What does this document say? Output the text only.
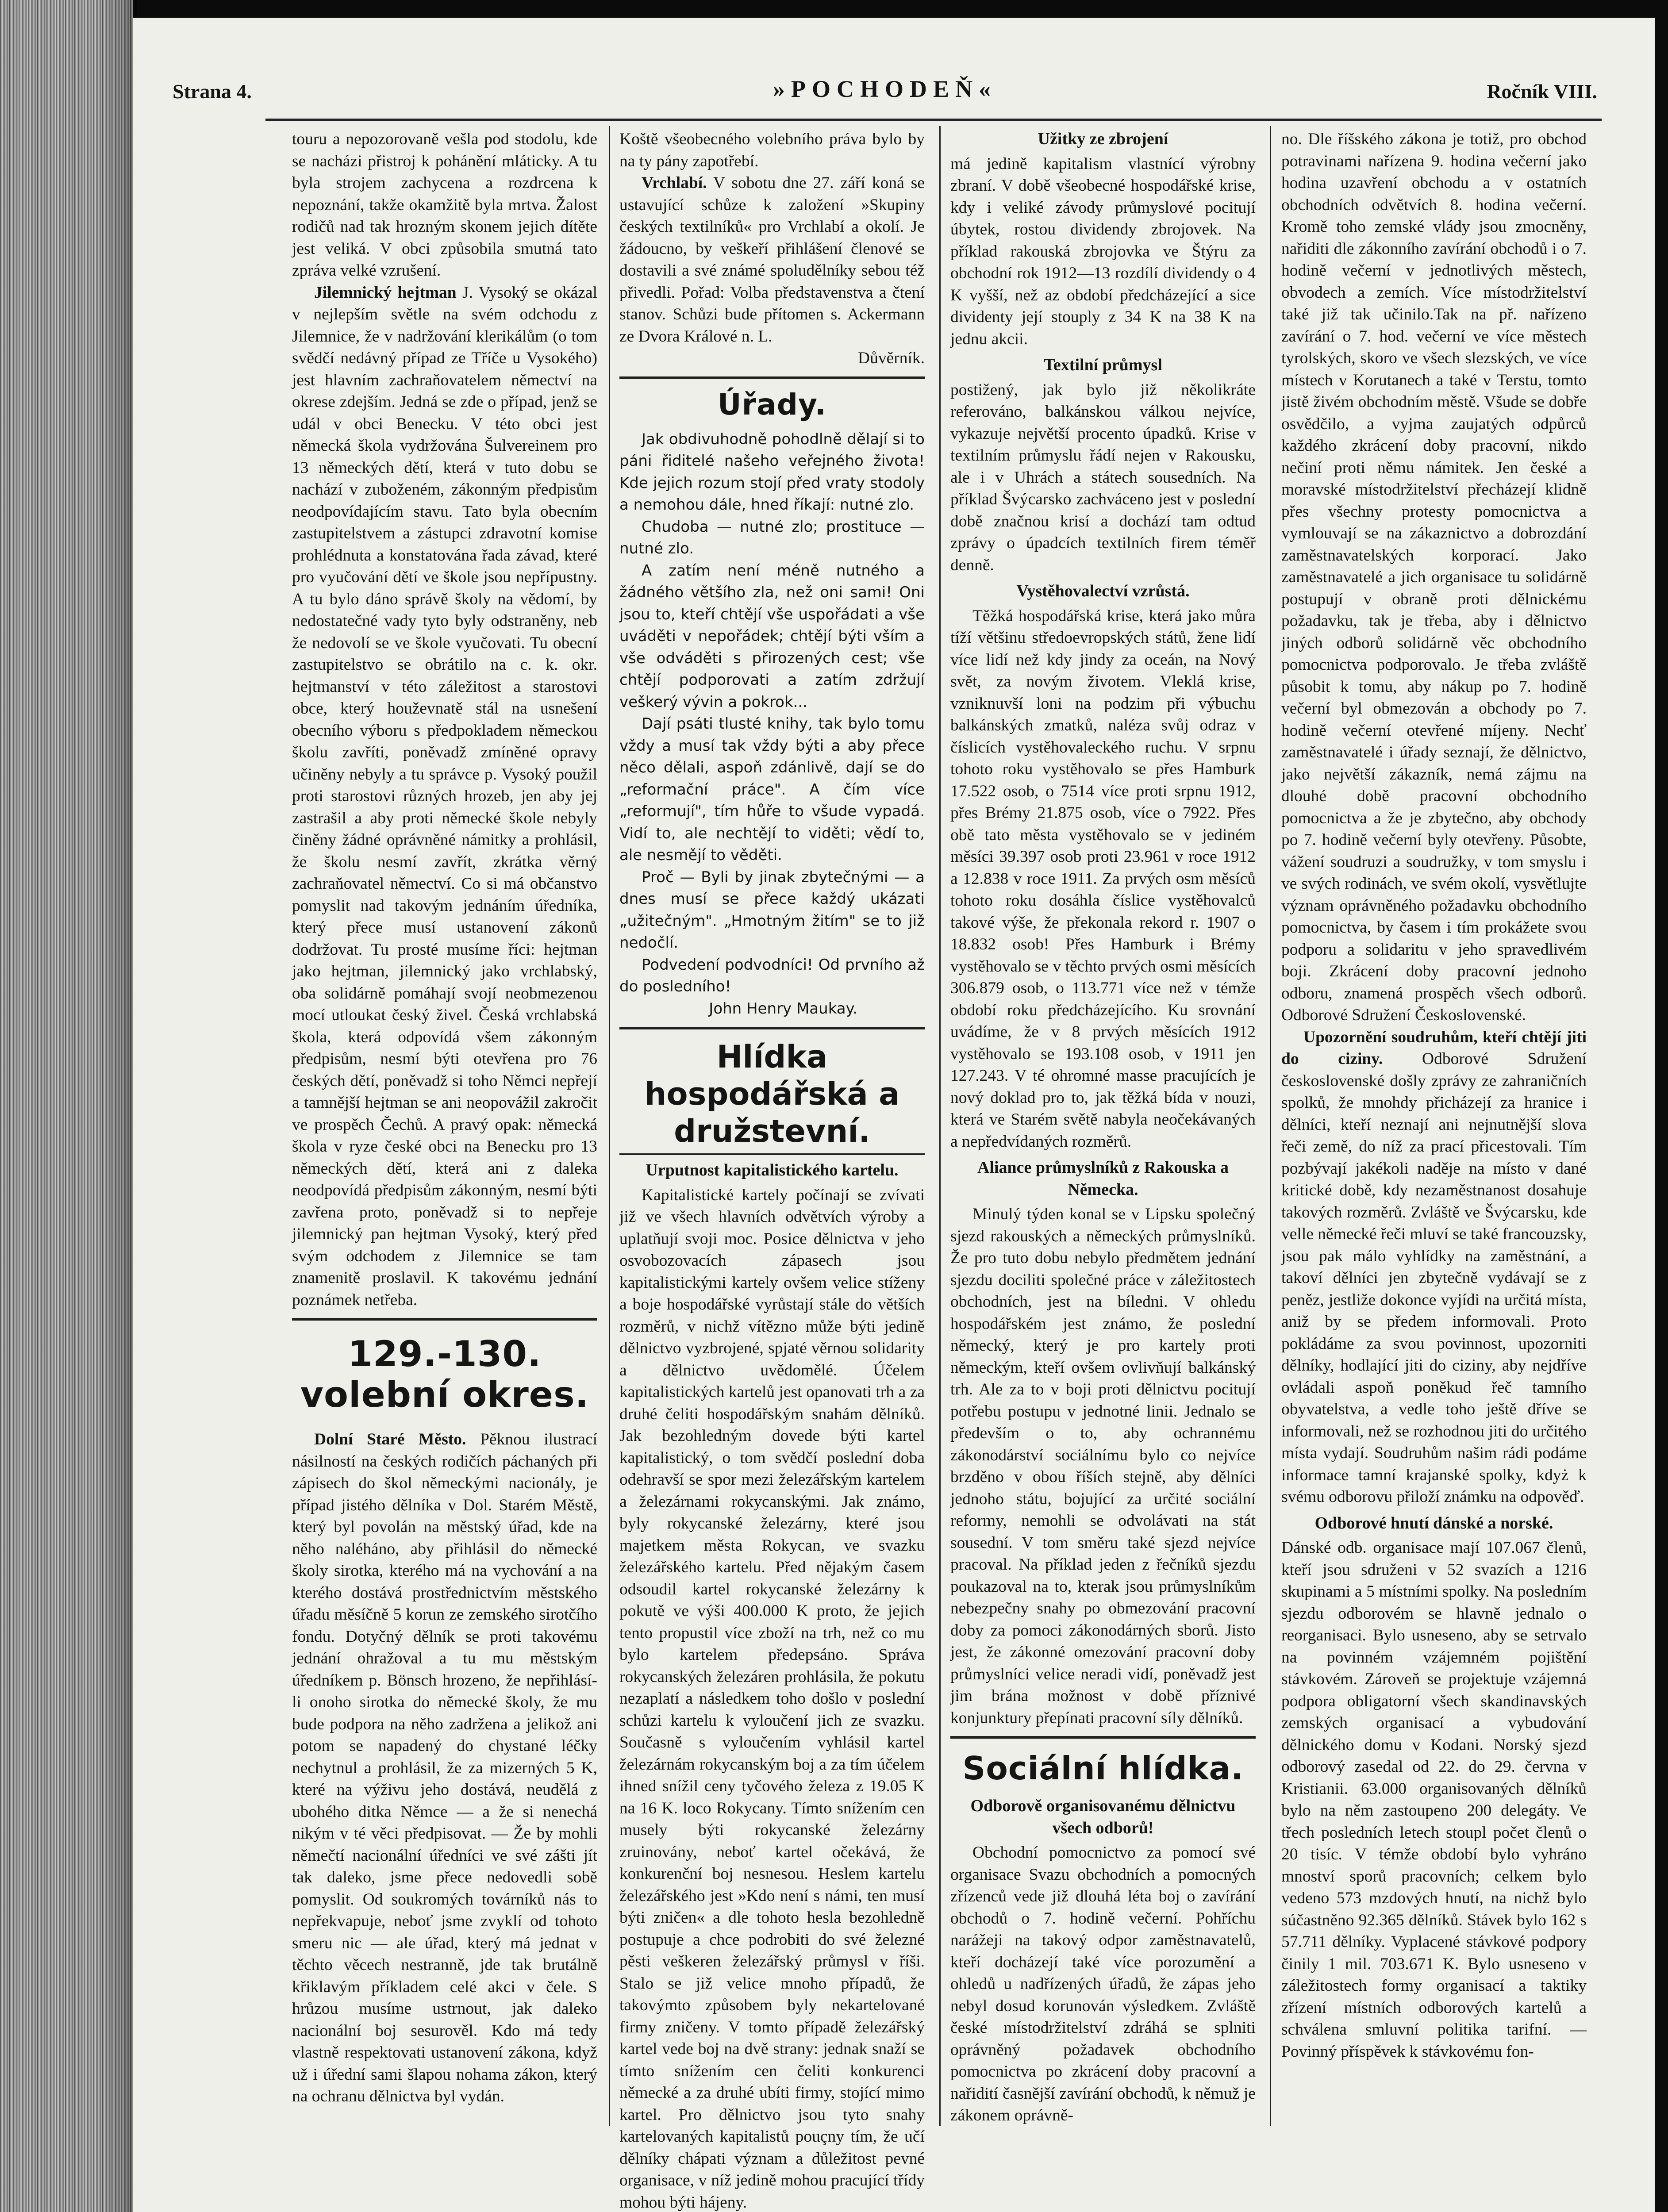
Strana 4.	»POCHODEŇ«	Ročník VIII.

touru a nepozorovaně vešla pod stodolu, kde se nacházi přistroj k pohánění mláticky. A tu byla strojem zachycena a rozdrcena k nepoznání, takže okamžitě byla mrtva. Žalost rodičů nad tak hrozným skonem jejich dítěte jest veliká. V obci způsobila smutná tato zpráva velké vzrušení.

Jilemnický hejtman J. Vysoký se okázal v nejlepším světle na svém odchodu z Jilemnice, že v nadržování klerikálům (o tom svědčí nedávný případ ze Tříče u Vysokého) jest hlavním zachraňovatelem němectví na okrese zdejším. Jedná se zde o případ, jenž se udál v obci Benecku. V této obci jest německá škola vydržována Šulvereinem pro 13 německých dětí, která v tuto dobu se nachází v zuboženém, zákonným předpisům neodpovídajícím stavu. Tato byla obecním zastupitelstvem a zástupci zdravotní komise prohlédnuta a konstatována řada závad, které pro vyučování dětí ve škole jsou nepřípustny. A tu bylo dáno správě školy na vědomí, by nedostatečné vady tyto byly odstraněny, neb že nedovolí se ve škole vyučovati. Tu obecní zastupitelstvo se obrátilo na c. k. okr. hejtmanství v této záležitost a starostovi obce, který houževnatě stál na usnešení obecního výboru s předpokladem německou školu zavříti, poněvadž zmíněné opravy učiněny nebyly a tu správce p. Vysoký použil proti starostovi různých hrozeb, jen aby jej zastrašil a aby proti německé škole nebyly činěny žádné oprávněné námitky a prohlásil, že školu nesmí zavřít, zkrátka věrný zachraňovatel němectví. Co si má občanstvo pomyslit nad takovým jednáním úředníka, který přece musí ustanovení zákonů dodržovat. Tu prosté musíme říci: hejtman jako hejtman, jilemnický jako vrchlabský, oba solidárně pomáhají svojí neobmezenou mocí utloukat český živel. Česká vrchlabská škola, která odpovídá všem zákonným předpisům, nesmí býti otevřena pro 76 českých dětí, poněvadž si toho Němci nepřejí a tamnější hejtman se ani neopovážil zakročit ve prospěch Čechů. A pravý opak: německá škola v ryze české obci na Benecku pro 13 německých dětí, která ani z daleka neodpovídá předpisům zákonným, nesmí býti zavřena proto, poněvadž si to nepřeje jilemnický pan hejtman Vysoký, který před svým odchodem z Jilemnice se tam znamenitě proslavil. K takovému jednání poznámek netřeba.

129.-130. volební okres.

Dolní Staré Město. Pěknou ilustrací násilností na českých rodičích páchaných při zápisech do škol německými nacionály, je případ jistého dělníka v Dol. Starém Městě, který byl povolán na městský úřad, kde na něho naléháno, aby přihlásil do německé školy sirotka, kterého má na vychování a na kterého dostává prostřednictvím městského úřadu měsíčně 5 korun ze zemského sirotčího fondu. Dotyčný dělník se proti takovému jednání ohražoval a tu mu městským úředníkem p. Bönsch hrozeno, že nepřihlásí-li onoho sirotka do německé školy, že mu bude podpora na něho zadržena a jelikož ani potom se napadený do chystané léčky nechytnul a prohlásil, že za mizerných 5 K, které na výživu jeho dostává, neudělá z ubohého ditka Němce — a že si nenechá nikým v té věci předpisovat. — Že by mohli němečtí nacionální úředníci ve své zášti jít tak daleko, jsme přece nedovedli sobě pomyslit. Od soukromých továrníků nás to nepřekvapuje, neboť jsme zvyklí od tohoto smeru nic — ale úřad, který má jednat v těchto věcech nestranně, jde tak brutálně křiklavým příkladem celé akci v čele. S hrůzou musíme ustrnout, jak daleko nacionální boj sesurověl. Kdo má tedy vlastně respektovati ustanovení zákona, když už i úřední sami šlapou nohama zákon, který na ochranu dělnictva byl vydán.

Koště všeobecného volebního práva bylo by na ty pány zapotřebí.

Vrchlabí. V sobotu dne 27. září koná se ustavující schůze k založení »Skupiny českých textilníků« pro Vrchlabí a okolí. Je žádoucno, by veškeří přihlášení členové se dostavili a své známé spoludělníky sebou též přivedli. Pořad: Volba představenstva a čtení stanov. Schůzi bude přítomen s. Ackermann ze Dvora Králové n. L.

Důvěrník.

Úřady.

Jak obdivuhodně pohodlně dělají si to páni řiditelé našeho veřejného života! Kde jejich rozum stojí před vraty stodoly a nemohou dále, hned říkají: nutné zlo.

Chudoba — nutné zlo; prostituce — nutné zlo.

A zatím není méně nutného a žádného většího zla, než oni sami! Oni jsou to, kteří chtějí vše uspořádati a vše uváděti v nepořádek; chtějí býti vším a vše odváděti s přirozených cest; vše chtějí podporovati a zatím zdržují veškerý vývin a pokrok...

Dají psáti tlusté knihy, tak bylo tomu vždy a musí tak vždy býti a aby přece něco dělali, aspoň zdánlivě, dají se do „reformační práce". A čím více „reformují", tím hůře to všude vypadá. Vidí to, ale nechtějí to viděti; vědí to, ale nesmějí to věděti.

Proč — Byli by jinak zbytečnými — a dnes musí se přece každý ukázati „užitečným". „Hmotným žitím" se to již nedočlí.

Podvedení podvodníci! Od prvního až do posledního!

John Henry Maukay.

Hlídka hospodářská a družstevní.
Urputnost kapitalistického kartelu.

Kapitalistické kartely počínají se zvívati již ve všech hlavních odvětvích výroby a uplatňují svoji moc. Posice dělnictva v jeho osvobozovacích zápasech jsou kapitalistickými kartely ovšem velice stíženy a boje hospodářské vyrůstají stále do větších rozměrů, v nichž vítězno může býti jedině dělnictvo vyzbrojené, spjaté věrnou solidarity a dělnictvo uvědomělé. Účelem kapitalistických kartelů jest opanovati trh a za druhé čeliti hospodářským snahám dělníků. Jak bezohledným dovede býti kartel kapitalistický, o tom svědčí poslední doba odehravší se spor mezi železářským kartelem a železárnami rokycanskými. Jak známo, byly rokycanské železárny, které jsou majetkem města Rokycan, ve svazku železářského kartelu. Před nějakým časem odsoudil kartel rokycanské železárny k pokutě ve výši 400.000 K proto, že jejich tento propustil více zboží na trh, než co mu bylo kartelem předepsáno. Správa rokycanských železáren prohlásila, že pokutu nezaplatí a následkem toho došlo v poslední schůzi kartelu k vyloučení jich ze svazku. Současně s vyloučením vyhlásil kartel železárnám rokycanským boj a za tím účelem ihned snížil ceny tyčového železa z 19.05 K na 16 K. loco Rokycany. Tímto snížením cen musely býti rokycanské železárny zruinovány, neboť kartel očekává, že konkurenční boj nesnesou. Heslem kartelu železářského jest »Kdo není s námi, ten musí býti zničen« a dle tohoto hesla bezohledně postupuje a chce podrobiti do své železné pěsti veškeren železářský průmysl v říši. Stalo se již velice mnoho případů, že takovýmto způsobem byly nekartelované firmy zničeny. V tomto případě železářský kartel vede boj na dvě strany: jednak snaží se tímto snížením cen čeliti konkurenci německé a za druhé ubíti firmy, stojící mimo kartel. Pro dělnictvo jsou tyto snahy kartelovaných kapitalistů pouçny tím, že učí dělníky chápati význam a důležitost pevné organisace, v níž jedině mohou pracující třídy mohou býti hájeny.

Užitky ze zbrojení

má jedině kapitalism vlastnící výrobny zbraní. V době všeobecné hospodářské krise, kdy i veliké závody průmyslové pocitují úbytek, rostou dividendy zbrojovek. Na příklad rakouská zbrojovka ve Štýru za obchodní rok 1912—13 rozdílí dividendy o 4 K vyšší, než az období předcházející a sice dividenty její stouply z 34 K na 38 K na jednu akcii.

Textilní průmysl

postižený, jak bylo již několikráte referováno, balkánskou válkou nejvíce, vykazuje největší procento úpadků. Krise v textilním průmyslu řádí nejen v Rakousku, ale i v Uhrách a státech sousedních. Na příklad Švýcarsko zachváceno jest v poslední době značnou krisí a dochází tam odtud zprávy o úpadcích textilních firem téměř denně.

Vystěhovalectví vzrůstá.

Těžká hospodářská krise, která jako můra tíží většinu středoevropských států, žene lidí více lidí než kdy jindy za oceán, na Nový svět, za novým životem. Vleklá krise, vzniknuvší loni na podzim při výbuchu balkánských zmatků, naléza svůj odraz v číslicích vystěhovaleckého ruchu. V srpnu tohoto roku vystěhovalo se přes Hamburk 17.522 osob, o 7514 více proti srpnu 1912, přes Brémy 21.875 osob, více o 7922. Přes obě tato města vystěhovalo se v jediném měsíci 39.397 osob proti 23.961 v roce 1912 a 12.838 v roce 1911. Za prvých osm měsíců tohoto roku dosáhla číslice vystěhovalců takové výše, že překonala rekord r. 1907 o 18.832 osob! Přes Hamburk i Brémy vystěhovalo se v těchto prvých osmi měsících 306.879 osob, o 113.771 více než v témže období roku předcházejícího. Ku srovnání uvádíme, že v 8 prvých měsících 1912 vystěhovalo se 193.108 osob, v 1911 jen 127.243. V té ohromné masse pracujících je nový doklad pro to, jak těžká bída v nouzi, která ve Starém světě nabyla neočekávaných a nepředvídaných rozměrů.

Aliance průmyslníků z Rakouska a Německa.

Minulý týden konal se v Lipsku společný sjezd rakouských a německých průmyslníků. Že pro tuto dobu nebylo předmětem jednání sjezdu dociliti společné práce v záležitostech obchodních, jest na bíledni. V ohledu hospodářském jest známo, že poslední německý, který je pro kartely proti německým, kteří ovšem ovlivňují balkánský trh. Ale za to v boji proti dělnictvu pocitují potřebu postupu v jednotné linii. Jednalo se především o to, aby ochrannému zákonodárství sociálnímu bylo co nejvíce brzděno v obou říších stejně, aby dělníci jednoho státu, bojující za určité sociální reformy, nemohli se odvolávati na stát sousední. V tom směru také sjezd nejvíce pracoval. Na příklad jeden z řečníků sjezdu poukazoval na to, kterak jsou průmyslníkům nebezpečny snahy po obmezování pracovní doby za pomoci zákonodárných sborů. Jisto jest, že zákonné omezování pracovní doby průmyslníci velice neradi vidí, poněvadž jest jim brána možnost v době příznivé konjunktury přepínati pracovní síly dělníků.

Sociální hlídka.
Odborově organisovanému dělnictvu všech odborů!

Obchodní pomocnictvo za pomocí své organisace Svazu obchodních a pomocných zřízenců vede již dlouhá léta boj o zavírání obchodů o 7. hodině večerní. Pohříchu narážeji na takový odpor zaměstnavatelů, kteří docházejí také více porozumění a ohledů u nadřízených úřadů, že zápas jeho nebyl dosud korunován výsledkem. Zvláště české místodržitelství zdráhá se splniti oprávněný požadavek obchodního pomocnictva po zkrácení doby pracovní a nařidití časnější zavírání obchodů, k němuž je zákonem oprávně-

no. Dle říšského zákona je totiž, pro obchod potravinami nařízena 9. hodina večerní jako hodina uzavření obchodu a v ostatních obchodních odvětvích 8. hodina večerní. Kromě toho zemské vlády jsou zmocněny, nařiditi dle zákonního zavírání obchodů i o 7. hodině večerní v jednotlivých městech, obvodech a zemích. Více místodržitelství také již tak učinilo.Tak na př. nařízeno zavírání o 7. hod. večerní ve více městech tyrolských, skoro ve všech slezských, ve více místech v Korutanech a také v Terstu, tomto jistě živém obchodním městě. Všude se dobře osvědčilo, a vyjma zaujatých odpůrců každého zkrácení doby pracovní, nikdo nečiní proti němu námitek. Jen české a moravské místodržitelství přecházejí klidně přes všechny protesty pomocnictva a vymlouvají se na zákaznictvo a dobrozdání zaměstnavatelských korporací. Jako zaměstnavatelé a jich organisace tu solidárně postupují v obraně proti dělnickému požadavku, tak je třeba, aby i dělnictvo jiných odborů solidárně věc obchodního pomocnictva podporovalo. Je třeba zvláště působit k tomu, aby nákup po 7. hodině večerní byl obmezován a obchody po 7. hodině večerní otevřené míjeny. Nechť zaměstnavatelé i úřady seznají, že dělnictvo, jako největší zákazník, nemá zájmu na dlouhé době pracovní obchodního pomocnictva a že je zbytečno, aby obchody po 7. hodině večerní byly otevřeny. Působte, vážení soudruzi a soudružky, v tom smyslu i ve svých rodinách, ve svém okolí, vysvětlujte význam oprávněného požadavku obchodního pomocnictva, by časem i tím prokážete svou podporu a solidaritu v jeho spravedlivém boji. Zkrácení doby pracovní jednoho odboru, znamená prospěch všech odborů. Odborové Sdružení Československé.

Upozornění soudruhům, kteří chtějí jiti do ciziny. Odborové Sdružení československé došly zprávy ze zahraničních spolků, že mnohdy přicházejí za hranice i dělníci, kteří neznají ani nejnutnější slova řeči země, do níž za prací přicestovali. Tím pozbývají jakékoli naděje na místo v dané kritické době, kdy nezaměstnanost dosahuje takových rozměrů. Zvláště ve Švýcarsku, kde velle německé řeči mluví se také francouzsky, jsou pak málo vyhlídky na zaměstnání, a takoví dělníci jen zbytečně vydávají se z peněz, jestliže dokonce vyjídi na určitá místa, aniž by se předem informovali. Proto pokládáme za svou povinnost, upozorniti dělníky, hodlající jiti do ciziny, aby nejdříve ovládali aspoň poněkud řeč tamního obyvatelstva, a vedle toho ještě dříve se informovali, než se rozhodnou jiti do určitého místa vydají. Soudruhům našim rádi podáme informace tamní krajanské spolky, kdyż k svému odborovu přiloží známku na odpověď.

Odborové hnutí dánské a norské.

Dánské odb. organisace mají 107.067 členů, kteří jsou sdruženi v 52 svazích a 1216 skupinami a 5 místními spolky. Na posledním sjezdu odborovém se hlavně jednalo o reorganisaci. Bylo usneseno, aby se setrvalo na povinném vzájemném pojištění stávkovém. Zároveň se projektuje vzájemná podpora obligatorní všech skandinavských zemských organisací a vybudování dělnického domu v Kodani. Norský sjezd odborový zasedal od 22. do 29. června v Kristianii. 63.000 organisovaných dělníků bylo na něm zastoupeno 200 delegáty. Ve třech posledních letech stoupl počet členů o 20 tisíc. V témže období bylo vyhráno mnoství sporů pracovních; celkem bylo vedeno 573 mzdových hnutí, na nichž bylo súčastněno 92.365 dělníků. Stávek bylo 162 s 57.711 dělníky. Vyplacené stávkové podpory činily 1 mil. 703.671 K. Bylo usneseno v záležitostech formy organisací a taktiky zřízení místních odborových kartelů a schválena smluvní politika tarifní. — Povinný příspěvek k stávkovému fon-
